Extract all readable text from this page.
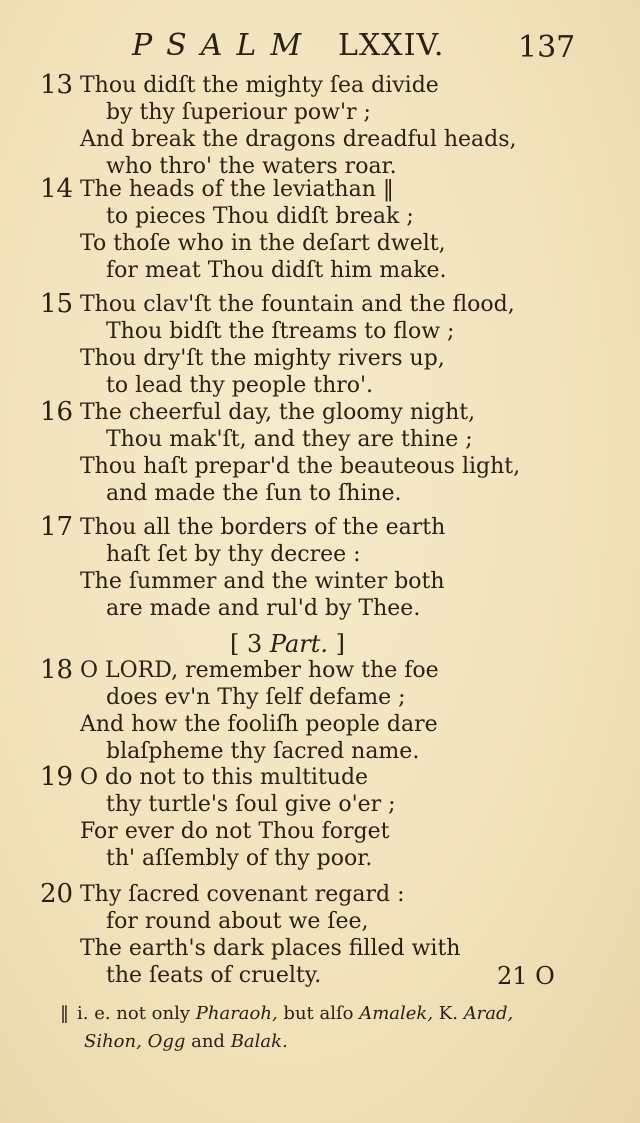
PSALM LXXIV. 137
13 Thou didſt the mighty ſea divide
by thy ſuperiour pow'r ;
And break the dragons dreadful heads,
who thro' the waters roar.
14 The heads of the leviathan ‖
to pieces Thou didſt break ;
To thoſe who in the deſart dwelt,
for meat Thou didſt him make.
15 Thou clav'ſt the fountain and the flood,
Thou bidſt the ſtreams to flow ;
Thou dry'ſt the mighty rivers up,
to lead thy people thro'.
16 The cheerful day, the gloomy night,
Thou mak'ſt, and they are thine ;
Thou haſt prepar'd the beauteous light,
and made the ſun to ſhine.
17 Thou all the borders of the earth
haſt ſet by thy decree :
The ſummer and the winter both
are made and rul'd by Thee.
[ 3 Part. ]
18 O LORD, remember how the foe
does ev'n Thy ſelf defame ;
And how the fooliſh people dare
blaſpheme thy ſacred name.
19 O do not to this multitude
thy turtle's ſoul give o'er ;
For ever do not Thou forget
th' aſſembly of thy poor.
20 Thy ſacred covenant regard :
for round about we ſee,
The earth's dark places filled with
the ſeats of cruelty.	21 O
‖ i. e. not only Pharaoh, but alſo Amalek, K. Arad,
Sihon, Ogg and Balak.
